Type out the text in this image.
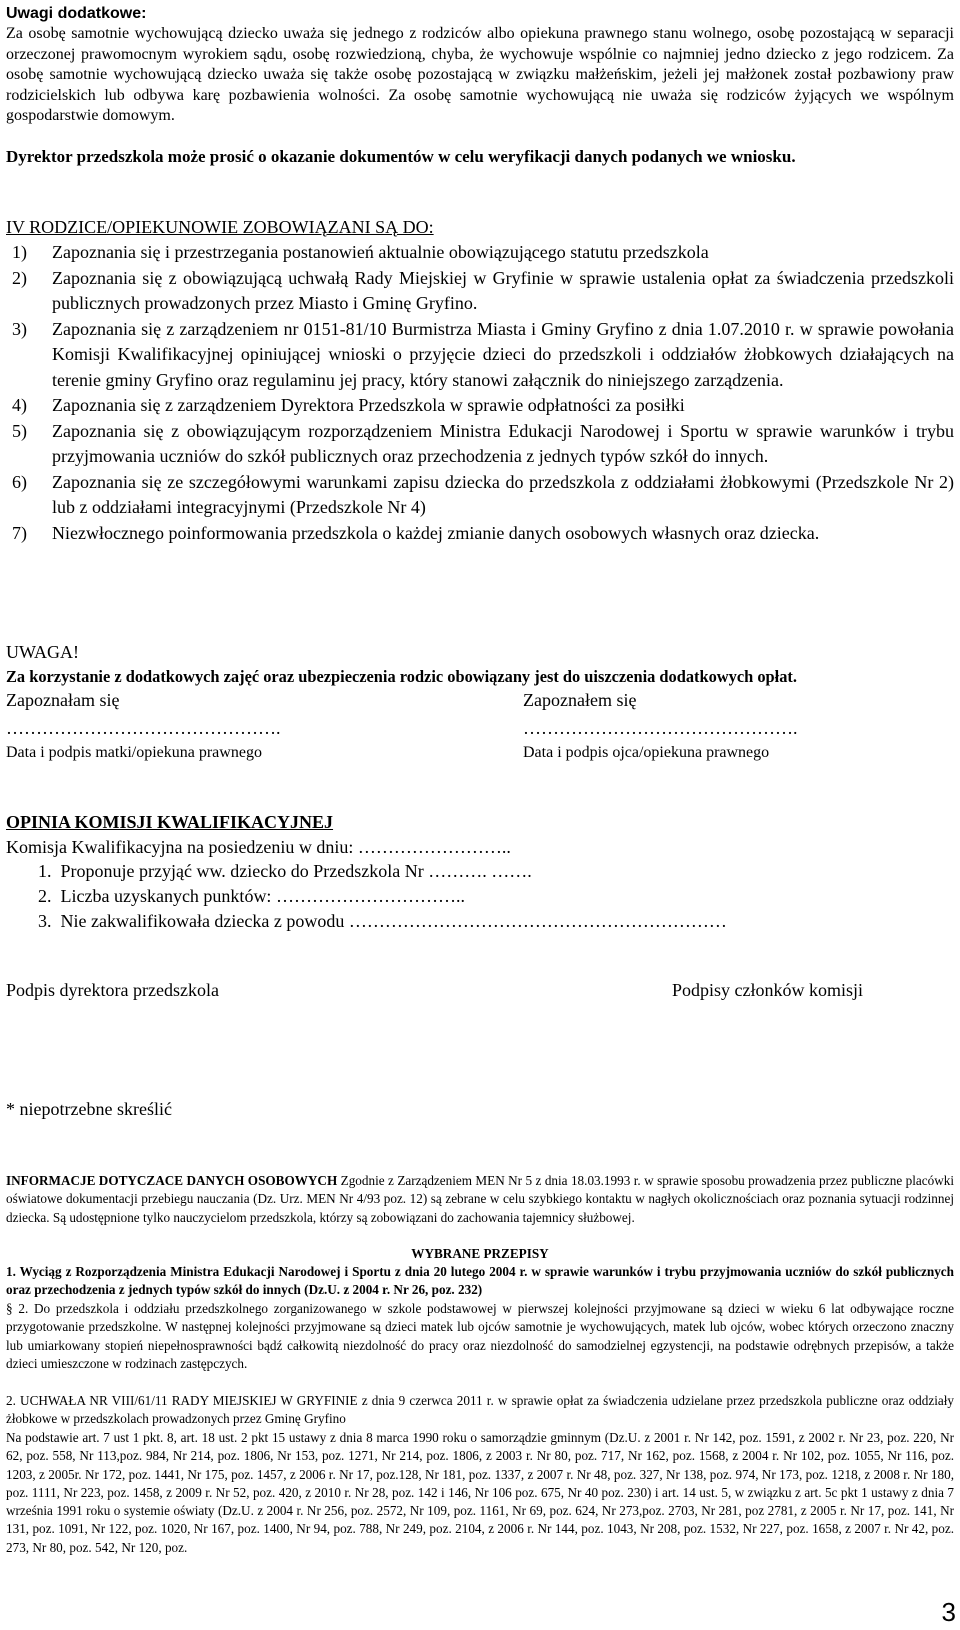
Uwagi dodatkowe:

Za osobę samotnie wychowującą dziecko uważa się jednego z rodziców albo opiekuna prawnego stanu wolnego, osobę pozostającą w separacji orzeczonej prawomocnym wyrokiem sądu, osobę rozwiedzioną, chyba, że wychowuje wspólnie co najmniej jedno dziecko z jego rodzicem. Za osobę samotnie wychowującą dziecko uważa się także osobę pozostającą w związku małżeńskim, jeżeli jej małżonek został pozbawiony praw rodzicielskich lub odbywa karę pozbawienia wolności. Za osobę samotnie wychowującą nie uważa się rodziców żyjących we wspólnym gospodarstwie domowym.

Dyrektor przedszkola może prosić o okazanie dokumentów w celu weryfikacji danych podanych we wniosku.

IV RODZICE/OPIEKUNOWIE ZOBOWIĄZANI SĄ DO:

1) Zapoznania się i przestrzegania postanowień aktualnie obowiązującego statutu przedszkola
2) Zapoznania się z obowiązującą uchwałą Rady Miejskiej w Gryfinie w sprawie ustalenia opłat za świadczenia przedszkoli publicznych prowadzonych przez Miasto i Gminę Gryfino.
3) Zapoznania się z zarządzeniem nr 0151-81/10 Burmistrza Miasta i Gminy Gryfino z dnia 1.07.2010 r. w sprawie powołania Komisji Kwalifikacyjnej opiniującej wnioski o przyjęcie dzieci do przedszkoli i oddziałów żłobkowych działających na terenie gminy Gryfino oraz regulaminu jej pracy, który stanowi załącznik do niniejszego zarządzenia.
4) Zapoznania się z zarządzeniem Dyrektora Przedszkola w sprawie odpłatności za posiłki
5) Zapoznania się z obowiązującym rozporządzeniem Ministra Edukacji Narodowej i Sportu w sprawie warunków i trybu przyjmowania uczniów do szkół publicznych oraz przechodzenia z jednych typów szkół do innych.
6) Zapoznania się ze szczegółowymi warunkami zapisu dziecka do przedszkola z oddziałami żłobkowymi (Przedszkole Nr 2) lub z oddziałami integracyjnymi (Przedszkole Nr 4)
7) Niezwłocznego poinformowania przedszkola o każdej zmianie danych osobowych własnych oraz dziecka.

UWAGA!

Za korzystanie z dodatkowych zajęć oraz ubezpieczenia rodzic obowiązany jest do uiszczenia dodatkowych opłat.

Zapoznałam się	Zapoznałem się
……………………………………….	……………………………………….
Data i podpis matki/opiekuna prawnego	Data i podpis ojca/opiekuna prawnego
OPINIA KOMISJI KWALIFIKACYJNEJ
Komisja Kwalifikacyjna na posiedzeniu w dniu: ……………………..
1. Proponuje przyjąć ww. dziecko do Przedszkola Nr ………. …….
2. Liczba uzyskanych punktów: …………………………..
3. Nie zakwalifikowała dziecka z powodu ………………………………………………………
Podpis dyrektora przedszkola	Podpisy członków komisji
* niepotrzebne skreślić

INFORMACJE DOTYCZACE DANYCH OSOBOWYCH Zgodnie z Zarządzeniem MEN Nr 5 z dnia 18.03.1993 r. w sprawie sposobu prowadzenia przez publiczne placówki oświatowe dokumentacji przebiegu nauczania (Dz. Urz. MEN Nr 4/93 poz. 12) są zebrane w celu szybkiego kontaktu w nagłych okolicznościach oraz poznania sytuacji rodzinnej dziecka. Są udostępnione tylko nauczycielom przedszkola, którzy są zobowiązani do zachowania tajemnicy służbowej.

WYBRANE PRZEPISY

1. Wyciąg z Rozporządzenia Ministra Edukacji Narodowej i Sportu z dnia 20 lutego 2004 r. w sprawie warunków i trybu przyjmowania uczniów do szkół publicznych oraz przechodzenia z jednych typów szkół do innych (Dz.U. z 2004 r. Nr 26, poz. 232)

§ 2. Do przedszkola i oddziału przedszkolnego zorganizowanego w szkole podstawowej w pierwszej kolejności przyjmowane są dzieci w wieku 6 lat odbywające roczne przygotowanie przedszkolne. W następnej kolejności przyjmowane są dzieci matek lub ojców samotnie je wychowujących, matek lub ojców, wobec których orzeczono znaczny lub umiarkowany stopień niepełnosprawności bądź całkowitą niezdolność do pracy oraz niezdolność do samodzielnej egzystencji, na podstawie odrębnych przepisów, a także dzieci umieszczone w rodzinach zastępczych.

2. UCHWAŁA NR VIII/61/11 RADY MIEJSKIEJ W GRYFINIE z dnia 9 czerwca 2011 r. w sprawie opłat za świadczenia udzielane przez przedszkola publiczne oraz oddziały żłobkowe w przedszkolach prowadzonych przez Gminę Gryfino

Na podstawie art. 7 ust 1 pkt. 8, art. 18 ust. 2 pkt 15 ustawy z dnia 8 marca 1990 roku o samorządzie gminnym (Dz.U. z 2001 r. Nr 142, poz. 1591, z 2002 r. Nr 23, poz. 220, Nr 62, poz. 558, Nr 113,poz. 984, Nr 214, poz. 1806, Nr 153, poz. 1271, Nr 214, poz. 1806, z 2003 r. Nr 80, poz. 717, Nr 162, poz. 1568, z 2004 r. Nr 102, poz. 1055, Nr 116, poz. 1203, z 2005r. Nr 172, poz. 1441, Nr 175, poz. 1457, z 2006 r. Nr 17, poz.128, Nr 181, poz. 1337, z 2007 r. Nr 48, poz. 327, Nr 138, poz. 974, Nr 173, poz. 1218, z 2008 r. Nr 180, poz. 1111, Nr 223, poz. 1458, z 2009 r. Nr 52, poz. 420, z 2010 r. Nr 28, poz. 142 i 146, Nr 106 poz. 675, Nr 40 poz. 230) i art. 14 ust. 5, w związku z art. 5c pkt 1 ustawy z dnia 7 września 1991 roku o systemie oświaty (Dz.U. z 2004 r. Nr 256, poz. 2572, Nr 109, poz. 1161, Nr 69, poz. 624, Nr 273,poz. 2703, Nr 281, poz 2781, z 2005 r. Nr 17, poz. 141, Nr 131, poz. 1091, Nr 122, poz. 1020, Nr 167, poz. 1400, Nr 94, poz. 788, Nr 249, poz. 2104, z 2006 r. Nr 144, poz. 1043, Nr 208, poz. 1532, Nr 227, poz. 1658, z 2007 r. Nr 42, poz. 273, Nr 80, poz. 542, Nr 120, poz.

3
